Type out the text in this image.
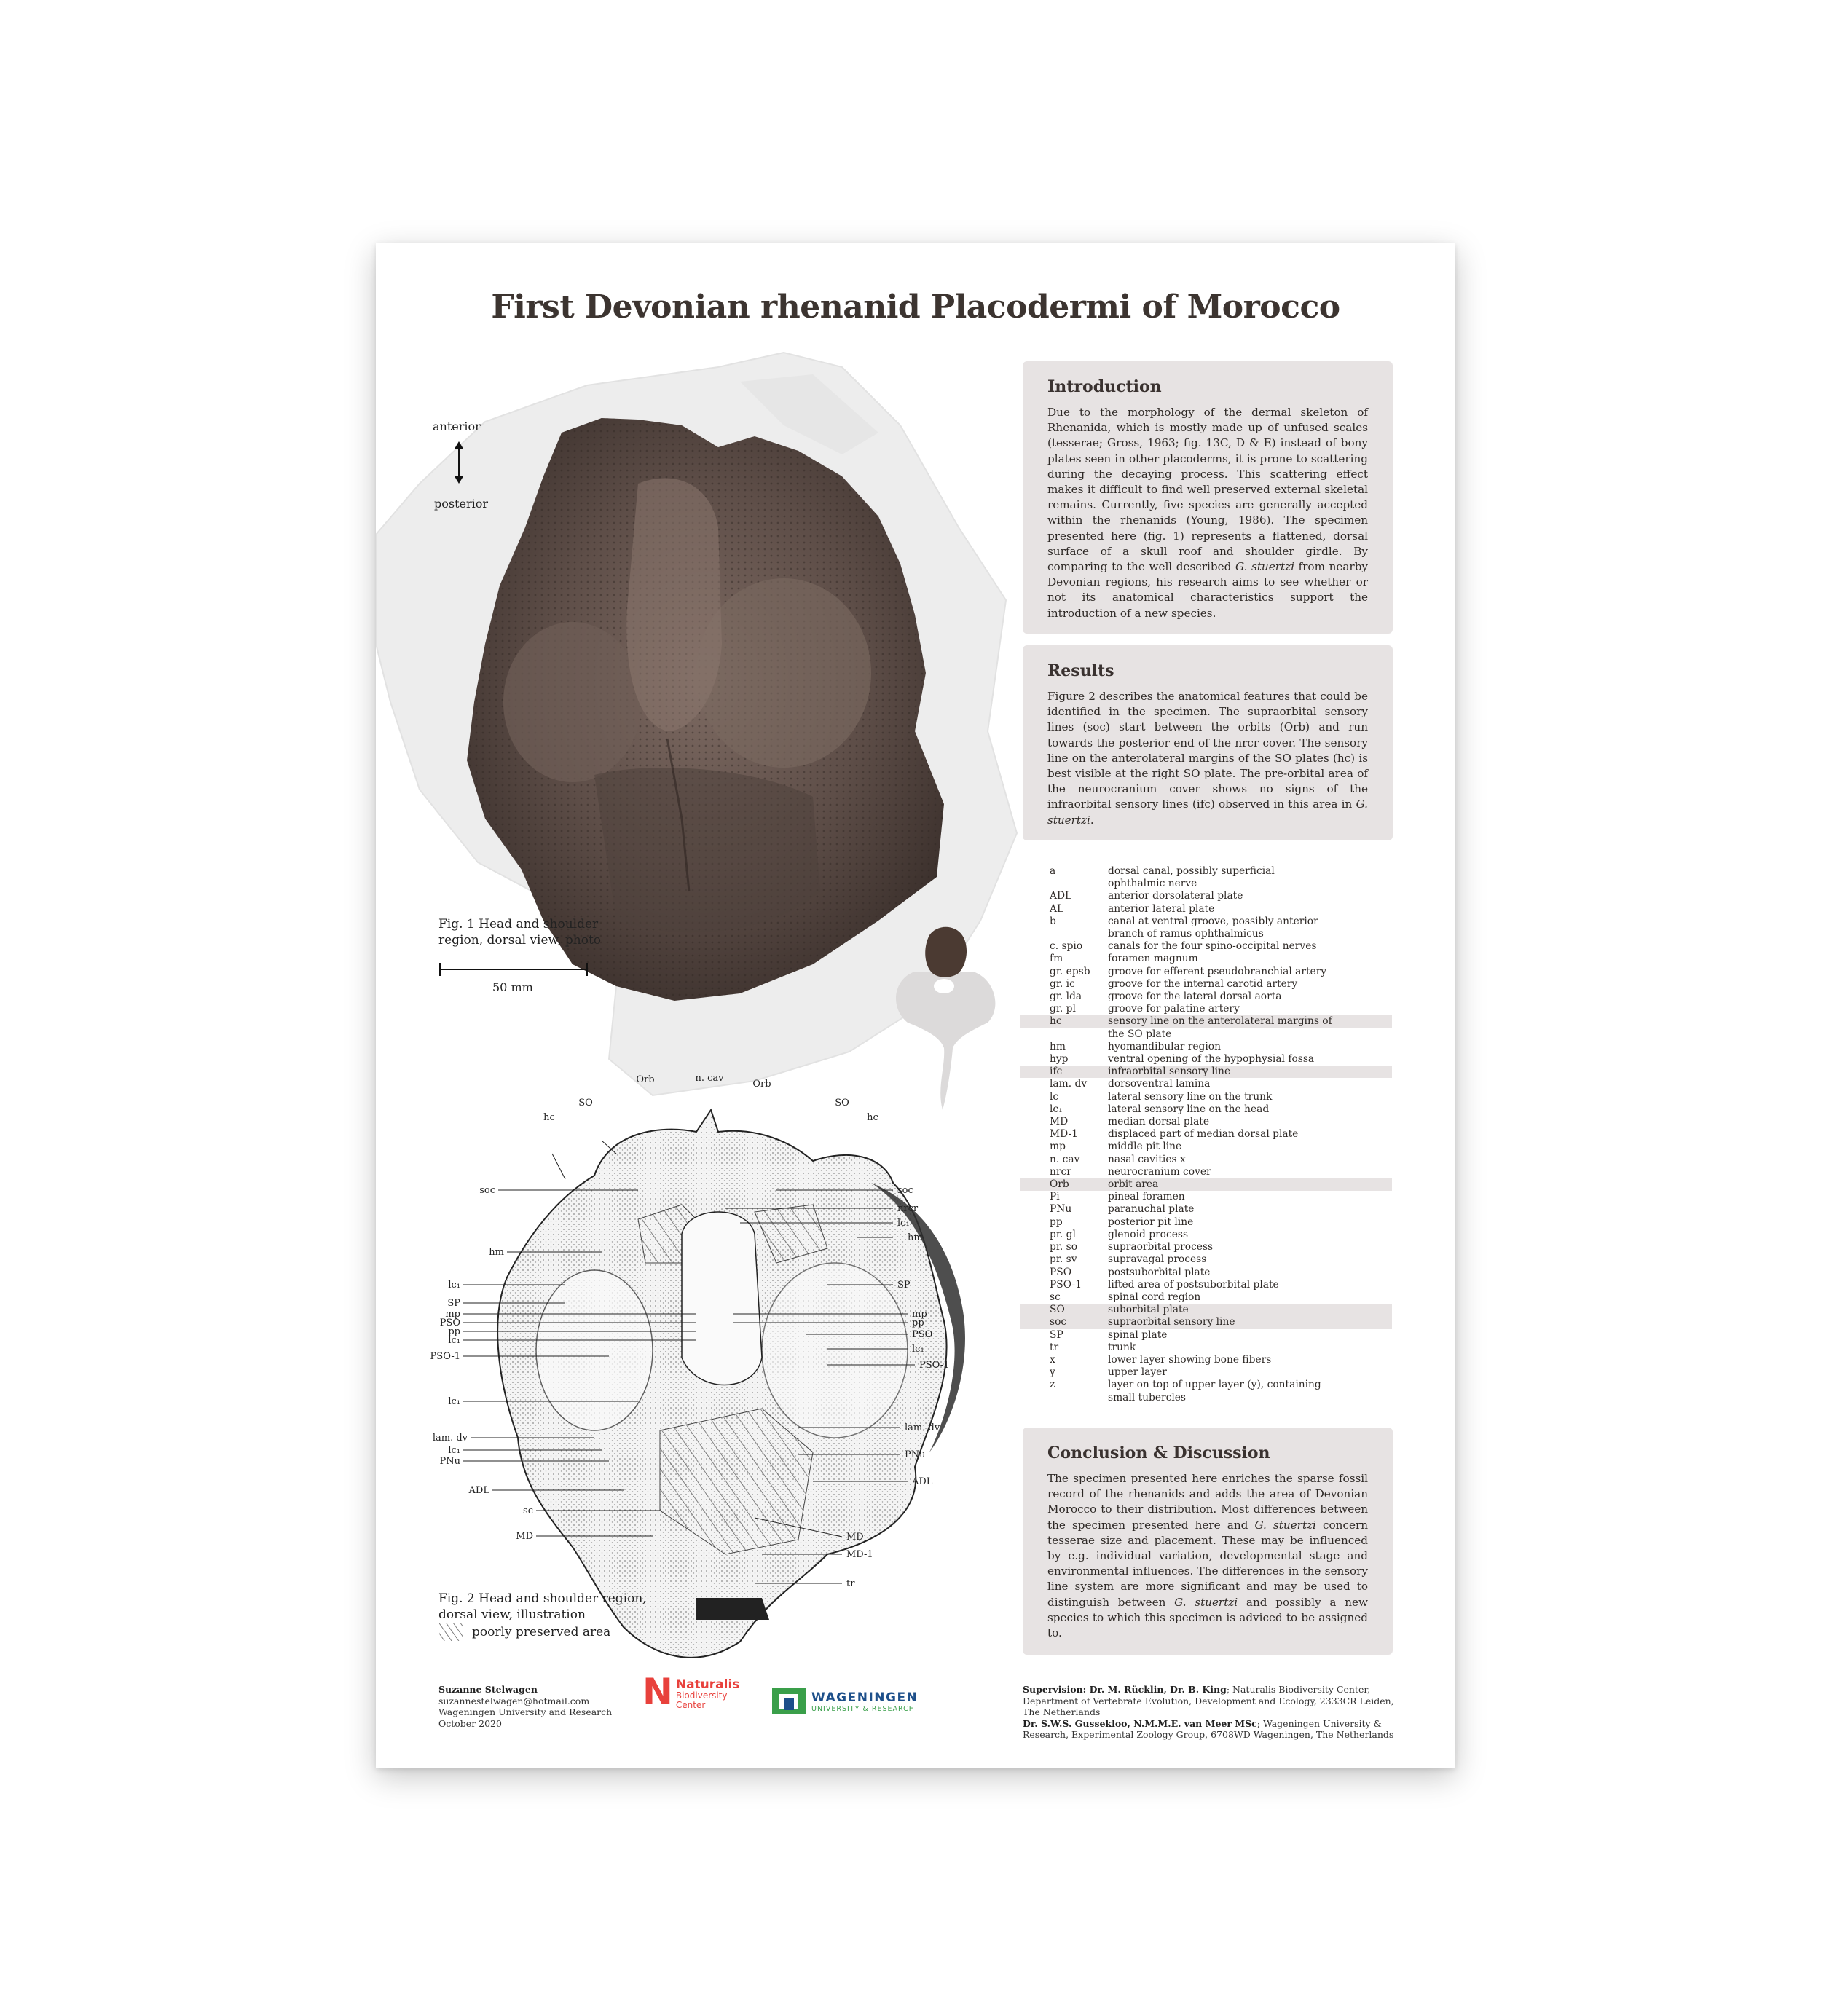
First Devonian rhenanid Placodermi of Morocco
anterior
posterior
Fig. 1 Head and shoulder
region, dorsal view, photo
50 mm
Orb	n. cav
Orb
SO	SO
hc	hc
soc	soc
nrcr
lc₁
hm
hm
lc₁
SP
SP
mp
PSO
pp
lc₁
mp
pp
PSO
lc₁
PSO-1
PSO-1
lc₁
lam. dv
lc₁
PNu
lam. dv
PNu
ADL
ADL
sc
MD	MD
MD-1
tr
Fig. 2 Head and shoulder region,
dorsal view, illustration
poorly preserved area
Introduction

Due to the morphology of the dermal skeleton of Rhenanida, which is mostly made up of unfused scales (tesserae; Gross, 1963; fig. 13C, D & E) instead of bony plates seen in other placoderms, it is prone to scattering during the decaying process. This scattering effect makes it difficult to find well preserved external skeletal remains. Currently, five species are generally accepted within the rhenanids (Young, 1986). The specimen presented here (fig. 1) represents a flattened, dorsal surface of a skull roof and shoulder girdle. By comparing to the well described G. stuertzi from nearby Devonian regions, his research aims to see whether or not its anatomical characteristics support the introduction of a new species.

Results

Figure 2 describes the anatomical features that could be identified in the specimen. The supraorbital sensory lines (soc) start between the orbits (Orb) and run towards the posterior end of the nrcr cover. The sensory line on the anterolateral margins of the SO plates (hc) is best visible at the right SO plate. The pre-orbital area of the neurocranium cover shows no signs of the infraorbital sensory lines (ifc) observed in this area in G. stuertzi.

a	dorsal canal, possibly superficial
ophthalmic nerve
ADL	anterior dorsolateral plate
AL	anterior lateral plate
b	canal at ventral groove, possibly anterior
branch of ramus ophthalmicus
c. spio	canals for the four spino-occipital nerves
fm	foramen magnum
gr. epsb	groove for efferent pseudobranchial artery
gr. ic	groove for the internal carotid artery
gr. lda	groove for the lateral dorsal aorta
gr. pl	groove for palatine artery
hc	sensory line on the anterolateral margins of
the SO plate
hm	hyomandibular region
hyp	ventral opening of the hypophysial fossa
ifc	infraorbital sensory line
lam. dv	dorsoventral lamina
lc	lateral sensory line on the trunk
lc₁	lateral sensory line on the head
MD	median dorsal plate
MD-1	displaced part of median dorsal plate
mp	middle pit line
n. cav	nasal cavities x
nrcr	neurocranium cover
Orb	orbit area
Pi	pineal foramen
PNu	paranuchal plate
pp	posterior pit line
pr. gl	glenoid process
pr. so	supraorbital process
pr. sv	supravagal process
PSO	postsuborbital plate
PSO-1	lifted area of postsuborbital plate
sc	spinal cord region
SO	suborbital plate
soc	supraorbital sensory line
SP	spinal plate
tr	trunk
x	lower layer showing bone fibers
y	upper layer
z	layer on top of upper layer (y), containing
small tubercles
Conclusion & Discussion

The specimen presented here enriches the sparse fossil record of the rhenanids and adds the area of Devonian Morocco to their distribution. Most differences between the specimen presented here and G. stuertzi concern tesserae size and placement. These may be influenced by e.g. individual variation, developmental stage and environmental influences. The differences in the sensory line system are more significant and may be used to distinguish between G. stuertzi and possibly a new species to which this specimen is adviced to be assigned to.

Suzanne Stelwagen
suzannestelwagen@hotmail.com
Wageningen University and Research
October 2020
N Naturalis
Biodiversity
Center
WAGENINGEN
UNIVERSITY & RESEARCH
Supervision: Dr. M. Rücklin, Dr. B. King; Naturalis Biodiversity Center, Department of Vertebrate Evolution, Development and Ecology, 2333CR Leiden, The Netherlands
Dr. S.W.S. Gussekloo, N.M.M.E. van Meer MSc; Wageningen University & Research, Experimental Zoology Group, 6708WD Wageningen, The Netherlands
